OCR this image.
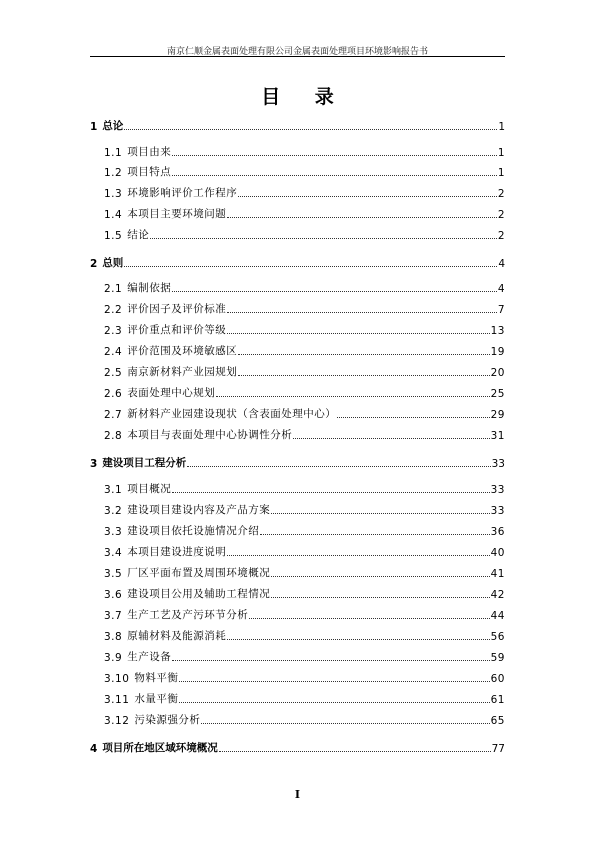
南京仁顺金属表面处理有限公司金属表面处理项目环境影响报告书
目 录
1 总论	1
1.1 项目由来	1
1.2 项目特点	1
1.3 环境影响评价工作程序	2
1.4 本项目主要环境问题	2
1.5 结论	2
2 总则	4
2.1 编制依据	4
2.2 评价因子及评价标准	7
2.3 评价重点和评价等级	13
2.4 评价范围及环境敏感区	19
2.5 南京新材料产业园规划	20
2.6 表面处理中心规划	25
2.7 新材料产业园建设现状（含表面处理中心）	29
2.8 本项目与表面处理中心协调性分析	31
3 建设项目工程分析	33
3.1 项目概况	33
3.2 建设项目建设内容及产品方案	33
3.3 建设项目依托设施情况介绍	36
3.4 本项目建设进度说明	40
3.5 厂区平面布置及周围环境概况	41
3.6 建设项目公用及辅助工程情况	42
3.7 生产工艺及产污环节分析	44
3.8 原辅材料及能源消耗	56
3.9 生产设备	59
3.10 物料平衡	60
3.11 水量平衡	61
3.12 污染源强分析	65
4 项目所在地区域环境概况	77
I
